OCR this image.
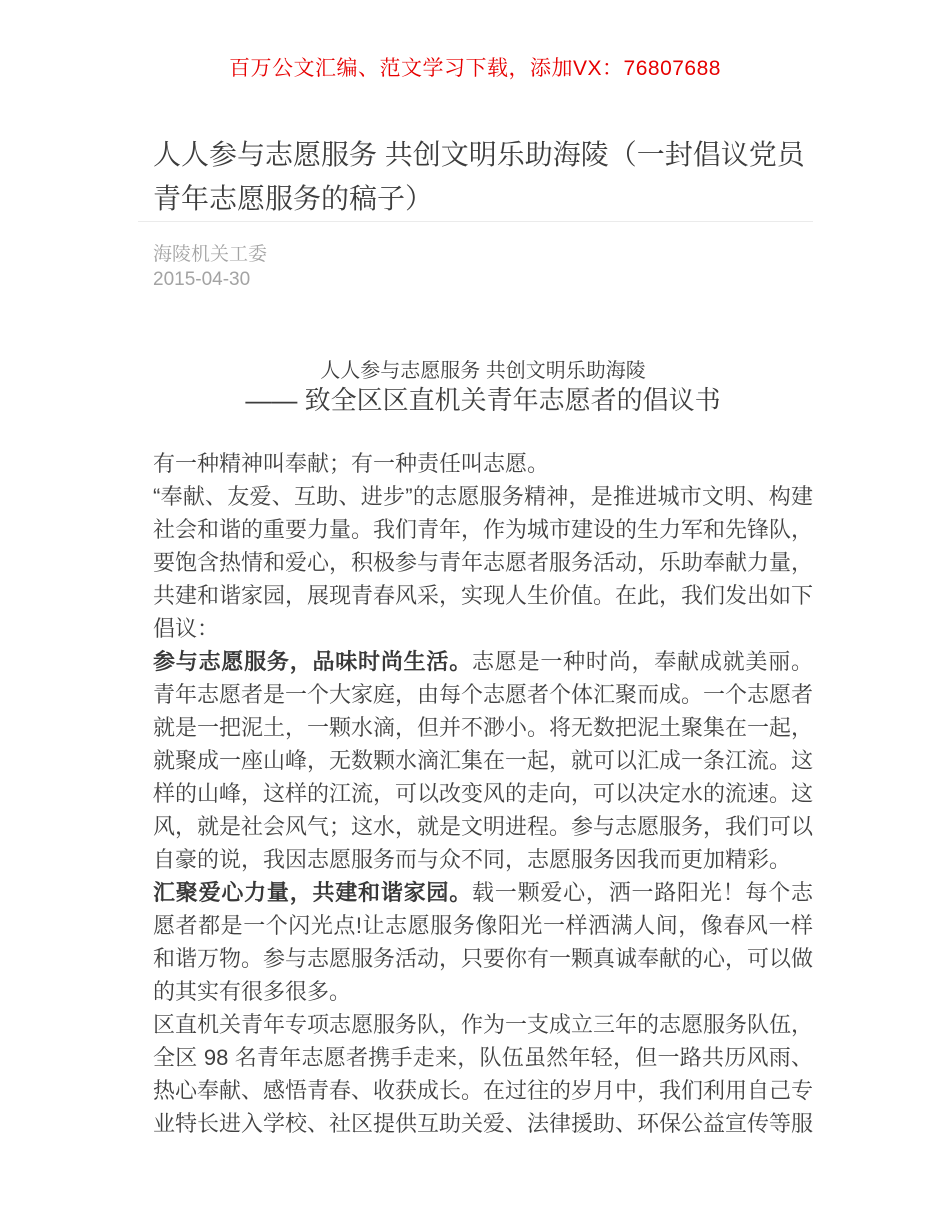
百万公文汇编、范文学习下载，添加VX：76807688
人人参与志愿服务 共创文明乐助海陵（一封倡议党员青年志愿服务的稿子）
海陵机关工委
2015-04-30
人人参与志愿服务 共创文明乐助海陵
—— 致全区区直机关青年志愿者的倡议书

有一种精神叫奉献；有一种责任叫志愿。

“奉献、友爱、互助、进步”的志愿服务精神，是推进城市文明、构建社会和谐的重要力量。我们青年，作为城市建设的生力军和先锋队，要饱含热情和爱心，积极参与青年志愿者服务活动，乐助奉献力量，共建和谐家园，展现青春风采，实现人生价值。在此，我们发出如下倡议：

参与志愿服务，品味时尚生活。志愿是一种时尚，奉献成就美丽。青年志愿者是一个大家庭，由每个志愿者个体汇聚而成。一个志愿者就是一把泥土，一颗水滴，但并不渺小。将无数把泥土聚集在一起，就聚成一座山峰，无数颗水滴汇集在一起，就可以汇成一条江流。这样的山峰，这样的江流，可以改变风的走向，可以决定水的流速。这风，就是社会风气；这水，就是文明进程。参与志愿服务，我们可以自豪的说，我因志愿服务而与众不同，志愿服务因我而更加精彩。

汇聚爱心力量，共建和谐家园。载一颗爱心，洒一路阳光！每个志愿者都是一个闪光点!让志愿服务像阳光一样洒满人间，像春风一样和谐万物。参与志愿服务活动，只要你有一颗真诚奉献的心，可以做的其实有很多很多。

区直机关青年专项志愿服务队，作为一支成立三年的志愿服务队伍，全区 98 名青年志愿者携手走来，队伍虽然年轻，但一路共历风雨、热心奉献、感悟青春、收获成长。在过往的岁月中，我们利用自己专业特长进入学校、社区提供互助关爱、法律援助、环保公益宣传等服
